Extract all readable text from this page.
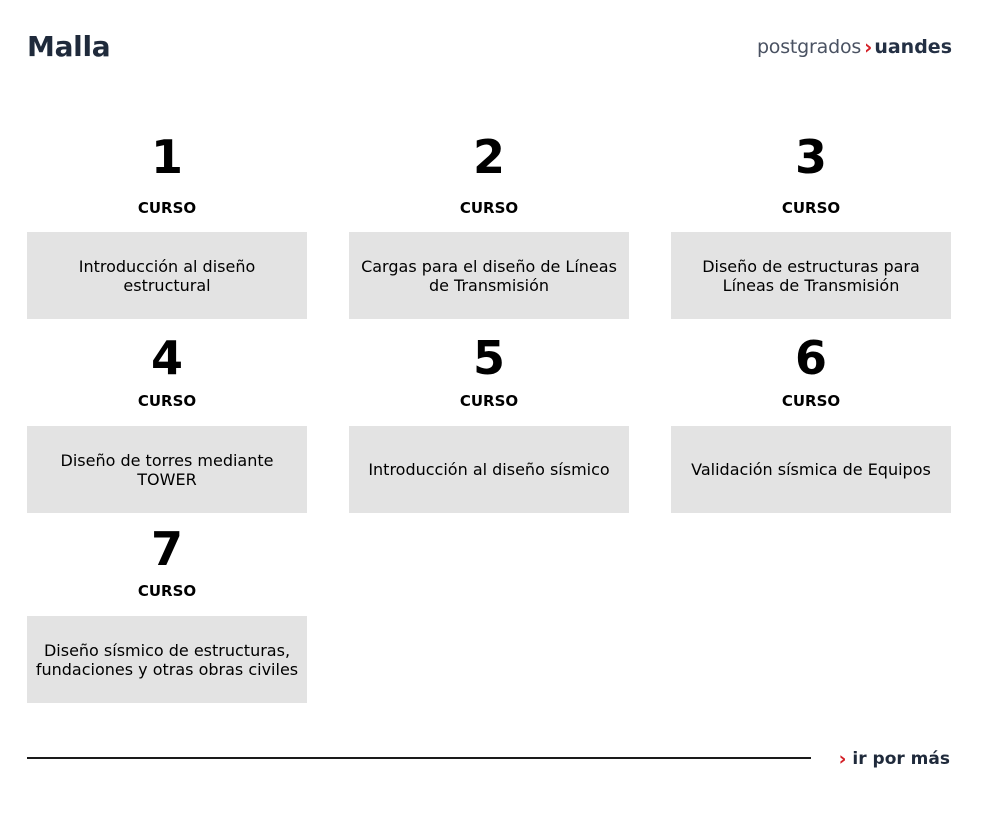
Malla	postgrados › uandes
1
CURSO
Introducción al diseño estructural
2
CURSO
Cargas para el diseño de Líneas de Transmisión
3
CURSO
Diseño de estructuras para Líneas de Transmisión
4
CURSO
Diseño de torres mediante TOWER
5
CURSO
Introducción al diseño sísmico
6
CURSO
Validación sísmica de Equipos
7
CURSO
Diseño sísmico de estructuras, fundaciones y otras obras civiles
› ir por más
